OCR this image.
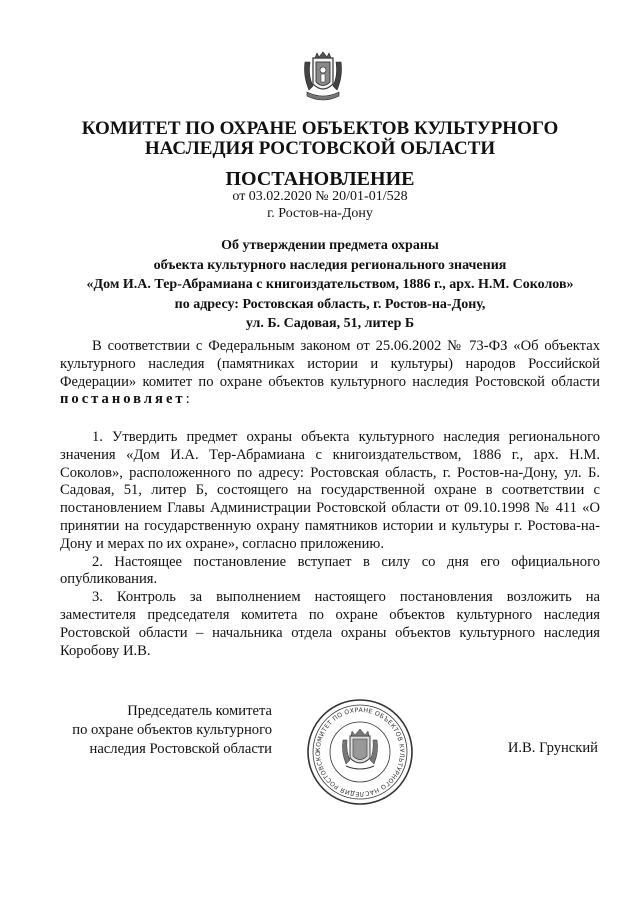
КОМИТЕТ ПО ОХРАНЕ ОБЪЕКТОВ КУЛЬТУРНОГО
НАСЛЕДИЯ РОСТОВСКОЙ ОБЛАСТИ
ПОСТАНОВЛЕНИЕ
от 03.02.2020 № 20/01-01/528
г. Ростов-на-Дону
Об утверждении предмета охраны
объекта культурного наследия регионального значения
«Дом И.А. Тер-Абрамиана с книгоиздательством, 1886 г., арх. Н.М. Соколов»
по адресу: Ростовская область, г. Ростов-на-Дону,
ул. Б. Садовая, 51, литер Б

В соответствии с Федеральным законом от 25.06.2002 № 73-ФЗ «Об объектах культурного наследия (памятниках истории и культуры) народов Российской Федерации» комитет по охране объектов культурного наследия Ростовской области постановляет:

1. Утвердить предмет охраны объекта культурного наследия регионального значения «Дом И.А. Тер-Абрамиана с книгоиздательством, 1886 г., арх. Н.М. Соколов», расположенного по адресу: Ростовская область, г. Ростов-на-Дону, ул. Б. Садовая, 51, литер Б, состоящего на государственной охране в соответствии с постановлением Главы Администрации Ростовской области от 09.10.1998 № 411 «О принятии на государственную охрану памятников истории и культуры г. Ростова-на-Дону и мерах по их охране», согласно приложению.

2. Настоящее постановление вступает в силу со дня его официального опубликования.

3. Контроль за выполнением настоящего постановления возложить на заместителя председателя комитета по охране объектов культурного наследия Ростовской области – начальника отдела охраны объектов культурного наследия Коробову И.В.

Председатель комитета
по охране объектов культурного
наследия Ростовской области	КОМИТЕТ ПО ОХРАНЕ ОБЪЕКТОВ КУЛЬТУРНОГО НАСЛЕДИЯ РОСТОВСКО	И.В. Грунский
